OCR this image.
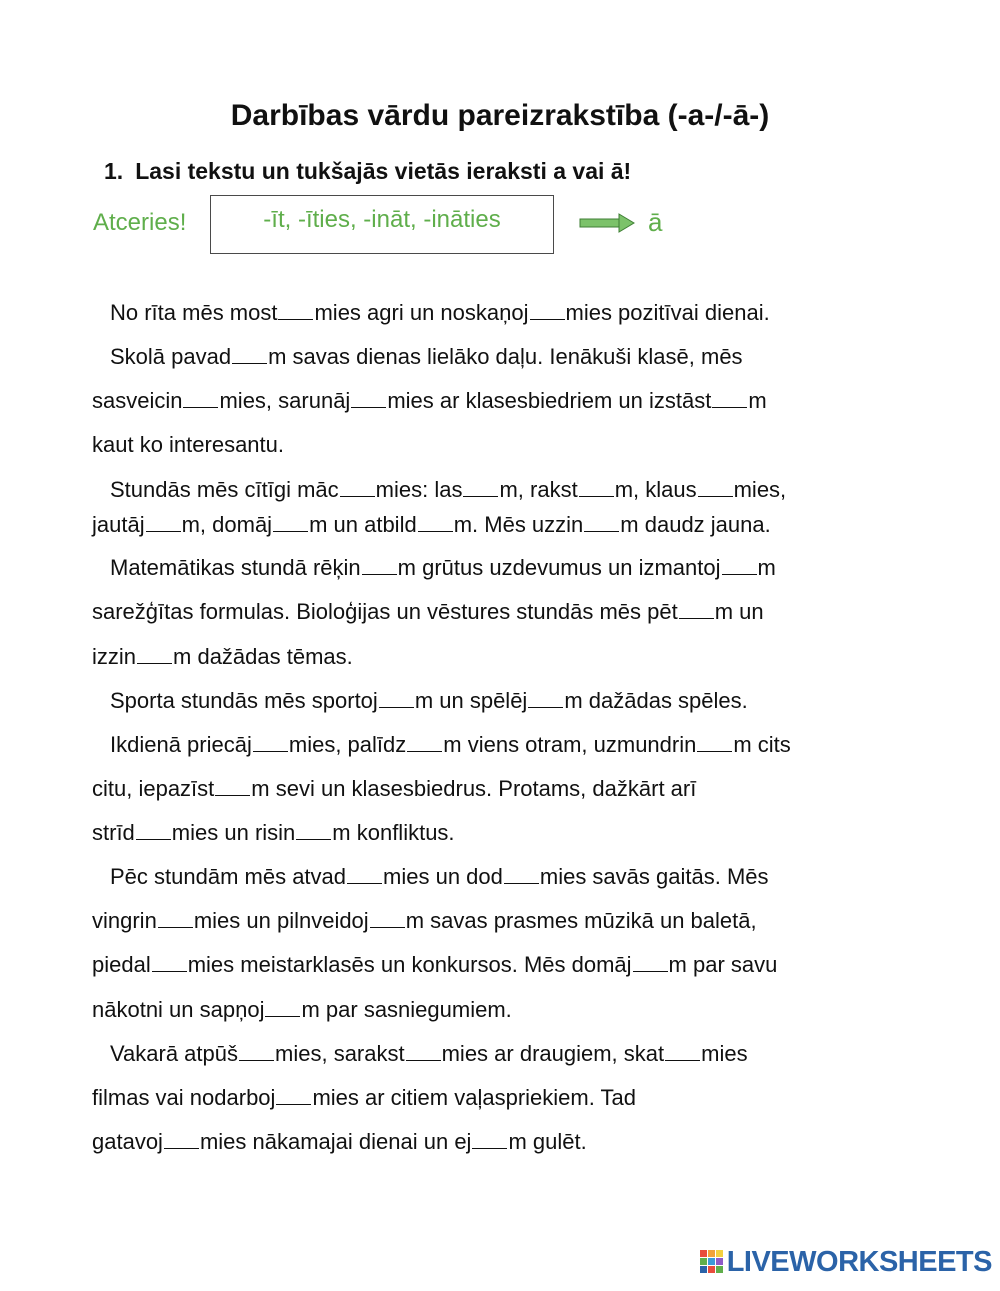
Darbības vārdu pareizrakstība (-a-/-ā-)

1. Lasi tekstu un tukšajās vietās ieraksti a vai ā!

Atceries!	-īt, -īties, -ināt, -ināties	ā
No rīta mēs most mies agri un noskaņoj mies pozitīvai dienai.
Skolā pavad m savas dienas lielāko daļu. Ienākuši klasē, mēs
sasveicin mies, sarunāj mies ar klasesbiedriem un izstāst m
kaut ko interesantu.
Stundās mēs cītīgi māc mies: las m, rakst m, klaus mies,
jautāj m, domāj m un atbild m. Mēs uzzin m daudz jauna.
Matemātikas stundā rēķin m grūtus uzdevumus un izmantoj m
sarežģītas formulas. Bioloģijas un vēstures stundās mēs pēt m un
izzin m dažādas tēmas.
Sporta stundās mēs sportoj m un spēlēj m dažādas spēles.
Ikdienā priecāj mies, palīdz m viens otram, uzmundrin m cits
citu, iepazīst m sevi un klasesbiedrus. Protams, dažkārt arī
strīd mies un risin m konfliktus.
Pēc stundām mēs atvad mies un dod mies savās gaitās. Mēs
vingrin mies un pilnveidoj m savas prasmes mūzikā un baletā,
piedal mies meistarklasēs un konkursos. Mēs domāj m par savu
nākotni un sapņoj m par sasniegumiem.
Vakarā atpūš mies, sarakst mies ar draugiem, skat mies
filmas vai nodarboj mies ar citiem vaļaspriekiem. Tad
gatavoj mies nākamajai dienai un ej m gulēt.
LIVEWORKSHEETS
